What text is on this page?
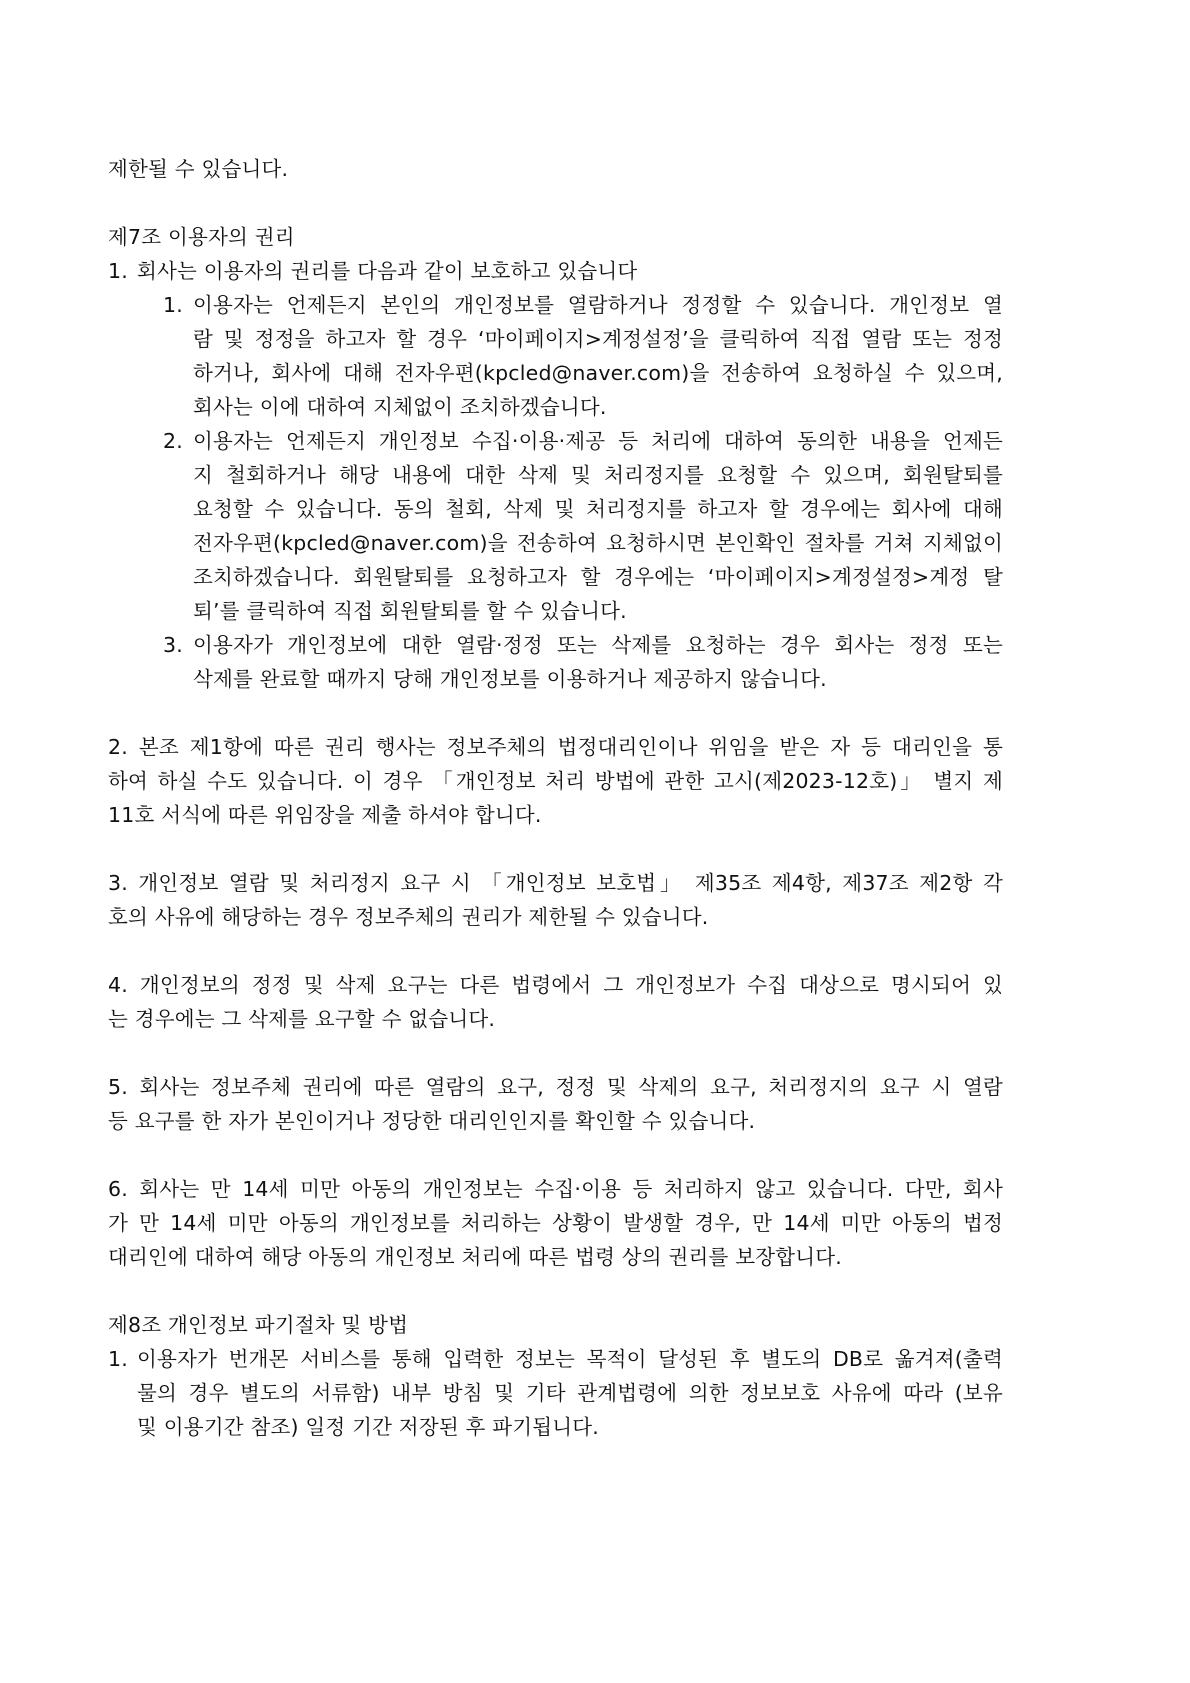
제한될 수 있습니다.

제7조 이용자의 권리

1. 회사는 이용자의 권리를 다음과 같이 보호하고 있습니다

1. 이용자는 언제든지 본인의 개인정보를 열람하거나 정정할 수 있습니다. 개인정보 열

람 및 정정을 하고자 할 경우 ‘마이페이지>계정설정’을 클릭하여 직접 열람 또는 정정

하거나, 회사에 대해 전자우편(kpcled@naver.com)을 전송하여 요청하실 수 있으며,

회사는 이에 대하여 지체없이 조치하겠습니다.

2. 이용자는 언제든지 개인정보 수집·이용·제공 등 처리에 대하여 동의한 내용을 언제든

지 철회하거나 해당 내용에 대한 삭제 및 처리정지를 요청할 수 있으며, 회원탈퇴를

요청할 수 있습니다. 동의 철회, 삭제 및 처리정지를 하고자 할 경우에는 회사에 대해

전자우편(kpcled@naver.com)을 전송하여 요청하시면 본인확인 절차를 거쳐 지체없이

조치하겠습니다. 회원탈퇴를 요청하고자 할 경우에는 ‘마이페이지>계정설정>계정 탈

퇴’를 클릭하여 직접 회원탈퇴를 할 수 있습니다.

3. 이용자가 개인정보에 대한 열람·정정 또는 삭제를 요청하는 경우 회사는 정정 또는

삭제를 완료할 때까지 당해 개인정보를 이용하거나 제공하지 않습니다.

2. 본조 제1항에 따른 권리 행사는 정보주체의 법정대리인이나 위임을 받은 자 등 대리인을 통

하여 하실 수도 있습니다. 이 경우 「개인정보 처리 방법에 관한 고시(제2023-12호)」 별지 제

11호 서식에 따른 위임장을 제출 하셔야 합니다.

3. 개인정보 열람 및 처리정지 요구 시 「개인정보 보호법」 제35조 제4항, 제37조 제2항 각

호의 사유에 해당하는 경우 정보주체의 권리가 제한될 수 있습니다.

4. 개인정보의 정정 및 삭제 요구는 다른 법령에서 그 개인정보가 수집 대상으로 명시되어 있

는 경우에는 그 삭제를 요구할 수 없습니다.

5. 회사는 정보주체 권리에 따른 열람의 요구, 정정 및 삭제의 요구, 처리정지의 요구 시 열람

등 요구를 한 자가 본인이거나 정당한 대리인인지를 확인할 수 있습니다.

6. 회사는 만 14세 미만 아동의 개인정보는 수집·이용 등 처리하지 않고 있습니다. 다만, 회사

가 만 14세 미만 아동의 개인정보를 처리하는 상황이 발생할 경우, 만 14세 미만 아동의 법정

대리인에 대하여 해당 아동의 개인정보 처리에 따른 법령 상의 권리를 보장합니다.

제8조 개인정보 파기절차 및 방법

1. 이용자가 번개몬 서비스를 통해 입력한 정보는 목적이 달성된 후 별도의 DB로 옮겨져(출력

물의 경우 별도의 서류함) 내부 방침 및 기타 관계법령에 의한 정보보호 사유에 따라 (보유

및 이용기간 참조) 일정 기간 저장된 후 파기됩니다.
